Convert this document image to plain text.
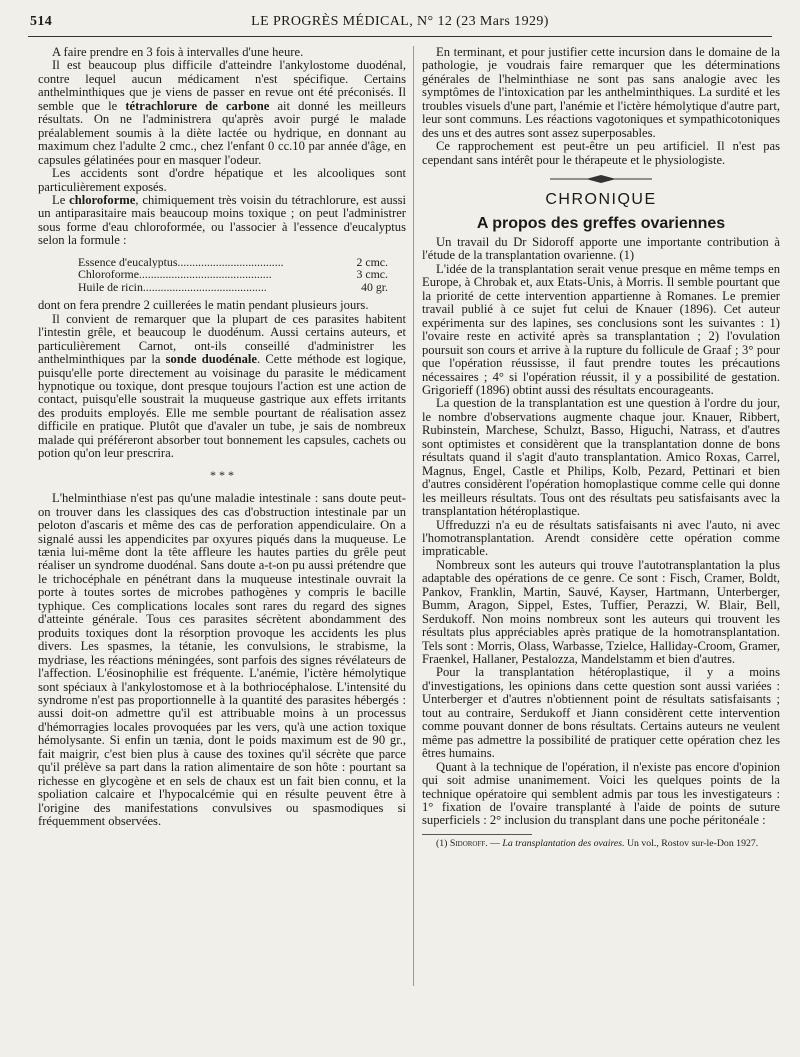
514	LE PROGRÈS MÉDICAL, N° 12 (23 Mars 1929)

A faire prendre en 3 fois à intervalles d'une heure.

Il est beaucoup plus difficile d'atteindre l'ankylostome duodénal, contre lequel aucun médicament n'est spécifique. Certains anthelminthiques que je viens de passer en revue ont été préconisés. Il semble que le tétrachlorure de carbone ait donné les meilleurs résultats. On ne l'administrera qu'après avoir purgé le malade préalablement soumis à la diète lactée ou hydrique, en donnant au maximum chez l'adulte 2 cmc., chez l'enfant 0 cc.10 par année d'âge, en capsules gélatinées pour en masquer l'odeur.

Les accidents sont d'ordre hépatique et les alcooliques sont particulièrement exposés.

Le chloroforme, chimiquement très voisin du tétrachlorure, est aussi un antiparasitaire mais beaucoup moins toxique ; on peut l'administrer sous forme d'eau chloroformée, ou l'associer à l'essence d'eucalyptus selon la formule :

Essence d'eucalyptus....................................	2 cmc.
Chloroforme.............................................	3 cmc.
Huile de ricin..........................................	40 gr.

dont on fera prendre 2 cuillerées le matin pendant plusieurs jours.

Il convient de remarquer que la plupart de ces parasites habitent l'intestin grêle, et beaucoup le duodénum. Aussi certains auteurs, et particulièrement Carnot, ont-ils conseillé d'administrer les anthelminthiques par la sonde duodénale. Cette méthode est logique, puisqu'elle porte directement au voisinage du parasite le médicament hypnotique ou toxique, dont presque toujours l'action est une action de contact, puisqu'elle soustrait la muqueuse gastrique aux effets irritants des produits employés. Elle me semble pourtant de réalisation assez difficile en pratique. Plutôt que d'avaler un tube, je sais de nombreux malade qui préféreront absorber tout bonnement les capsules, cachets ou potion qu'on leur prescrira.

* * *

L'helminthiase n'est pas qu'une maladie intestinale : sans doute peut-on trouver dans les classiques des cas d'obstruction intestinale par un peloton d'ascaris et même des cas de perforation appendiculaire. On a signalé aussi les appendicites par oxyures piqués dans la muqueuse. Le tænia lui-même dont la tête affleure les hautes parties du grêle peut réaliser un syndrome duodénal. Sans doute a-t-on pu aussi prétendre que le trichocéphale en pénétrant dans la muqueuse intestinale ouvrait la porte à toutes sortes de microbes pathogènes y compris le bacille typhique. Ces complications locales sont rares du regard des signes d'atteinte générale. Tous ces parasites sécrètent abondamment des produits toxiques dont la résorption provoque les accidents les plus divers. Les spasmes, la tétanie, les convulsions, le strabisme, la mydriase, les réactions méningées, sont parfois des signes révélateurs de l'affection. L'éosinophilie est fréquente. L'anémie, l'ictère hémolytique sont spéciaux à l'ankylostomose et à la bothriocéphalose. L'intensité du syndrome n'est pas proportionnelle à la quantité des parasites hébergés : aussi doit-on admettre qu'il est attribuable moins à un processus d'hémorragies locales provoquées par les vers, qu'à une action toxique hémolysante. Si enfin un tænia, dont le poids maximum est de 90 gr., fait maigrir, c'est bien plus à cause des toxines qu'il sécrète que parce qu'il prélève sa part dans la ration alimentaire de son hôte : pourtant sa richesse en glycogène et en sels de chaux est un fait bien connu, et la spoliation calcaire et l'hypocalcémie qui en résulte peuvent être à l'origine des manifestations convulsives ou spasmodiques si fréquemment observées.

En terminant, et pour justifier cette incursion dans le domaine de la pathologie, je voudrais faire remarquer que les déterminations générales de l'helminthiase ne sont pas sans analogie avec les symptômes de l'intoxication par les anthelminthiques. La surdité et les troubles visuels d'une part, l'anémie et l'ictère hémolytique d'autre part, leur sont communs. Les réactions vagotoniques et sympathicotoniques des uns et des autres sont assez superposables.

Ce rapprochement est peut-être un peu artificiel. Il n'est pas cependant sans intérêt pour le thérapeute et le physiologiste.

CHRONIQUE
A propos des greffes ovariennes

Un travail du Dr Sidoroff apporte une importante contribution à l'étude de la transplantation ovarienne. (1)

L'idée de la transplantation serait venue presque en même temps en Europe, à Chrobak et, aux Etats-Unis, à Morris. Il semble pourtant que la priorité de cette intervention appartienne à Romanes. Le premier travail publié à ce sujet fut celui de Knauer (1896). Cet auteur expérimenta sur des lapines, ses conclusions sont les suivantes : 1) l'ovaire reste en activité après sa transplantation ; 2) l'ovulation poursuit son cours et arrive à la rupture du follicule de Graaf ; 3° pour que l'opération réussisse, il faut prendre toutes les précautions nécessaires ; 4° si l'opération réussit, il y a possibilité de gestation. Grigorieff (1896) obtint aussi des résultats encourageants.

La question de la transplantation est une question à l'ordre du jour, le nombre d'observations augmente chaque jour. Knauer, Ribbert, Rubinstein, Marchese, Schulzt, Basso, Higuchi, Natrass, et d'autres sont optimistes et considèrent que la transplantation donne de bons résultats quand il s'agit d'auto transplantation. Amico Roxas, Carrel, Magnus, Engel, Castle et Philips, Kolb, Pezard, Pettinari et bien d'autres considèrent l'opération homoplastique comme celle qui donne les meilleurs résultats. Tous ont des résultats peu satisfaisants avec la transplantation hétéroplastique.

Uffreduzzi n'a eu de résultats satisfaisants ni avec l'auto, ni avec l'homotransplantation. Arendt considère cette opération comme impraticable.

Nombreux sont les auteurs qui trouve l'autotransplantation la plus adaptable des opérations de ce genre. Ce sont : Fisch, Cramer, Boldt, Pankov, Franklin, Martin, Sauvé, Kayser, Hartmann, Unterberger, Bumm, Aragon, Sippel, Estes, Tuffier, Perazzi, W. Blair, Bell, Serdukoff. Non moins nombreux sont les auteurs qui trouvent les résultats plus appréciables après pratique de la homotransplantation. Tels sont : Morris, Olass, Warbasse, Tzielce, Halliday-Croom, Gramer, Fraenkel, Hallaner, Pestalozza, Mandelstamm et bien d'autres.

Pour la transplantation hétéroplastique, il y a moins d'investigations, les opinions dans cette question sont aussi variées : Unterberger et d'autres n'obtiennent point de résultats satisfaisants ; tout au contraire, Serdukoff et Jiann considèrent cette intervention comme pouvant donner de bons résultats. Certains auteurs ne veulent même pas admettre la possibilité de pratiquer cette opération chez les êtres humains.

Quant à la technique de l'opération, il n'existe pas encore d'opinion qui soit admise unanimement. Voici les quelques points de la technique opératoire qui semblent admis par tous les investigateurs : 1° fixation de l'ovaire transplanté à l'aide de points de suture superficiels : 2° inclusion du transplant dans une poche péritonéale :

(1) Sidoroff. — La transplantation des ovaires. Un vol., Rostov sur-le-Don 1927.
